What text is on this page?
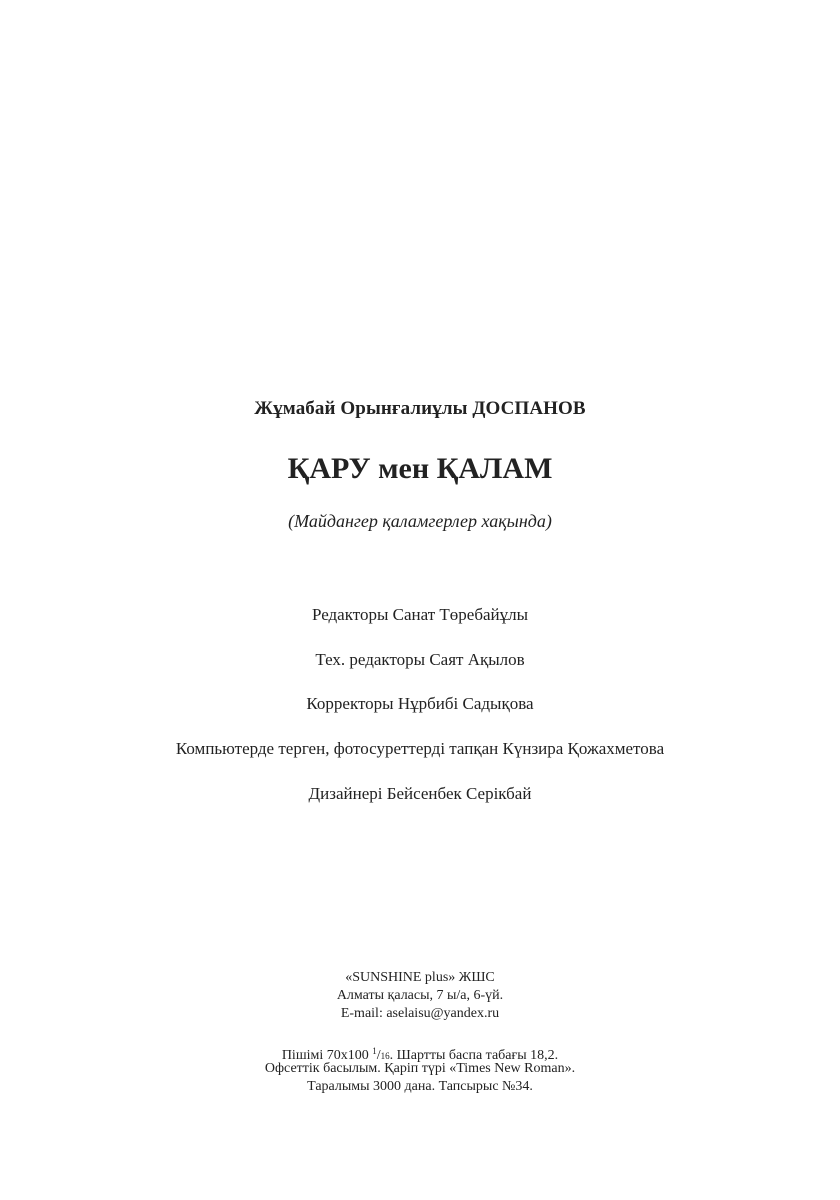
Жұмабай Орынғалиұлы ДОСПАНОВ
ҚАРУ мен ҚАЛАМ
(Майдангер қаламгерлер хақында)
Редакторы Санат Төребайұлы
Тех. редакторы Саят Ақылов
Корректоры Нұрбибі Садықова
Компьютерде терген, фотосуреттерді тапқан Күнзира Қожахметова
Дизайнері Бейсенбек Серікбай
«SUNSHINE plus» ЖШС
Алматы қаласы, 7 ы/а, 6-үй.
E-mail: aselaisu@yandex.ru
Пішімі 70х100 $^1$/16. Шартты баспа табағы 18,2.
Офсеттік басылым. Қаріп түрі «Times New Roman».
Таралымы 3000 дана. Тапсырыс №34.
